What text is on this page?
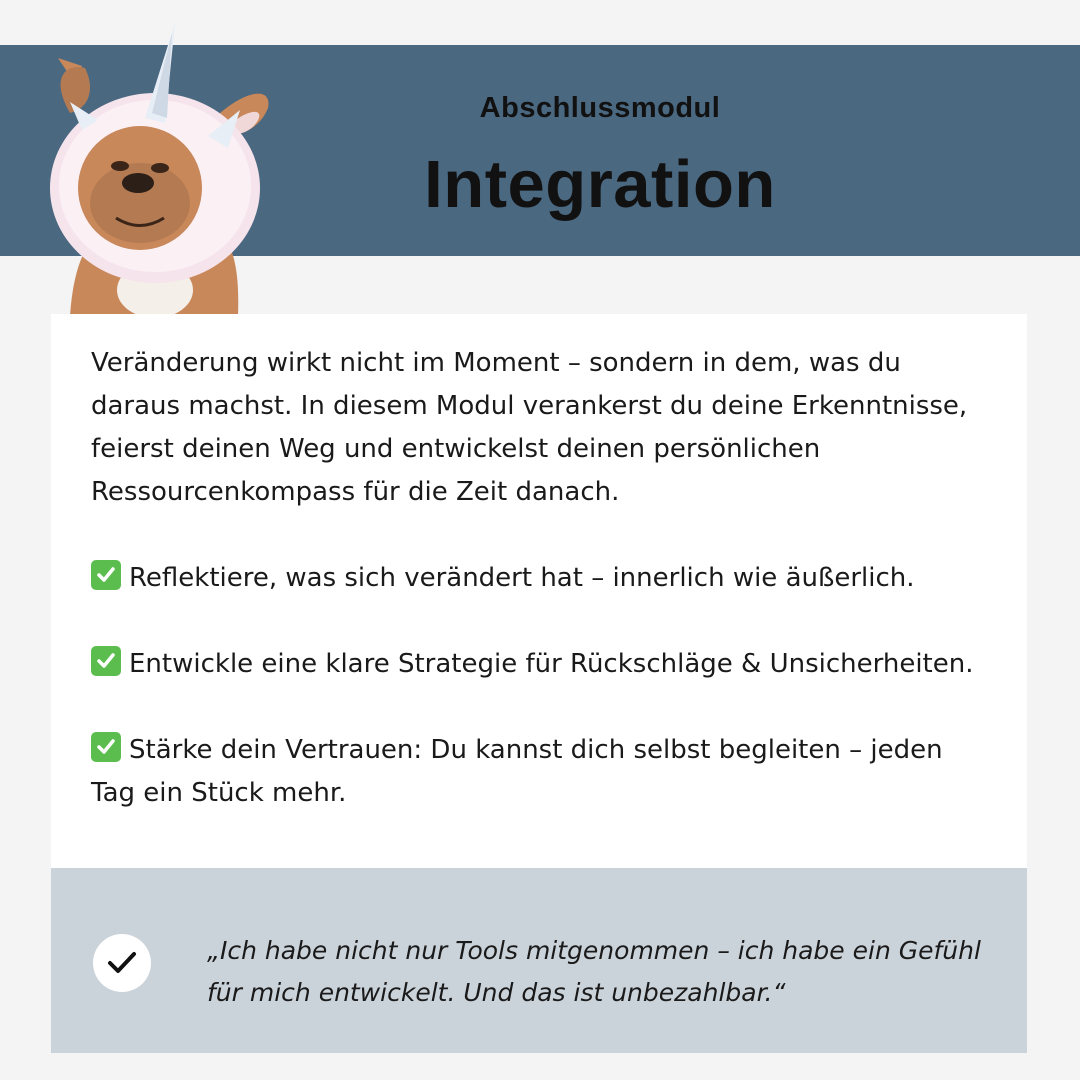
Abschlussmodul
Integration

Veränderung wirkt nicht im Moment – sondern in dem, was du daraus machst. In diesem Modul verankerst du deine Erkenntnisse, feierst deinen Weg und entwickelst deinen persönlichen Ressourcenkompass für die Zeit danach.

Reflektiere, was sich verändert hat – innerlich wie äußerlich.

Entwickle eine klare Strategie für Rückschläge & Unsicherheiten.

Stärke dein Vertrauen: Du kannst dich selbst begleiten – jeden Tag ein Stück mehr.

„Ich habe nicht nur Tools mitgenommen – ich habe ein Gefühl für mich entwickelt. Und das ist unbezahlbar.“
